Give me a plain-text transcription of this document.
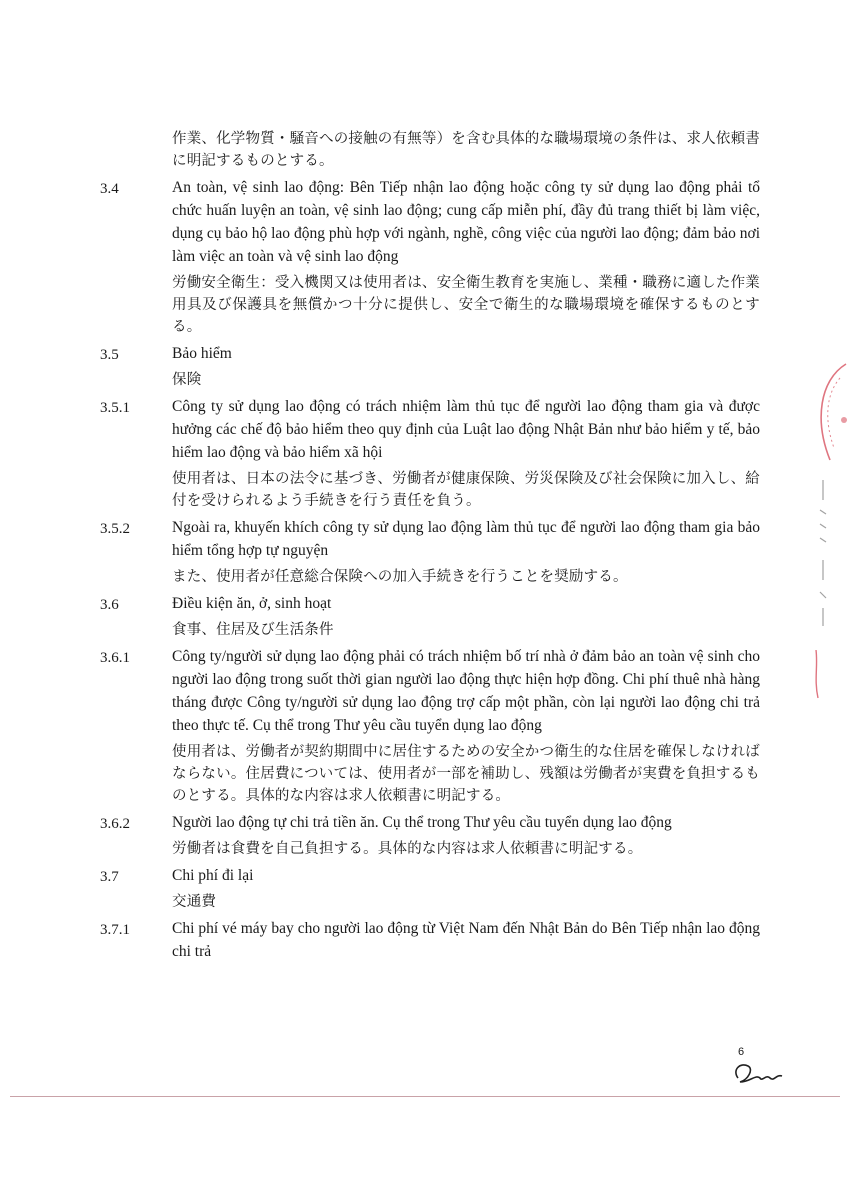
作業、化学物質・騒音への接触の有無等）を含む具体的な職場環境の条件は、求人依頼書に明記するものとする。

3.4	An toàn, vệ sinh lao động: Bên Tiếp nhận lao động hoặc công ty sử dụng lao động phải tổ chức huấn luyện an toàn, vệ sinh lao động; cung cấp miễn phí, đầy đủ trang thiết bị làm việc, dụng cụ bảo hộ lao động phù hợp với ngành, nghề, công việc của người lao động; đảm bảo nơi làm việc an toàn và vệ sinh lao động

労働安全衛生：受入機関又は使用者は、安全衛生教育を実施し、業種・職務に適した作業用具及び保護具を無償かつ十分に提供し、安全で衛生的な職場環境を確保するものとする。

3.5	Bảo hiểm

保険

3.5.1	Công ty sử dụng lao động có trách nhiệm làm thủ tục để người lao động tham gia và được hưởng các chế độ bảo hiểm theo quy định của Luật lao động Nhật Bản như bảo hiểm y tế, bảo hiểm lao động và bảo hiểm xã hội

使用者は、日本の法令に基づき、労働者が健康保険、労災保険及び社会保険に加入し、給付を受けられるよう手続きを行う責任を負う。

3.5.2	Ngoài ra, khuyến khích công ty sử dụng lao động làm thủ tục để người lao động tham gia bảo hiểm tổng hợp tự nguyện

また、使用者が任意総合保険への加入手続きを行うことを奨励する。

3.6	Điều kiện ăn, ở, sinh hoạt

食事、住居及び生活条件

3.6.1	Công ty/người sử dụng lao động phải có trách nhiệm bố trí nhà ở đảm bảo an toàn vệ sinh cho người lao động trong suốt thời gian người lao động thực hiện hợp đồng. Chi phí thuê nhà hàng tháng được Công ty/người sử dụng lao động trợ cấp một phần, còn lại người lao động chi trả theo thực tế. Cụ thể trong Thư yêu cầu tuyển dụng lao động

使用者は、労働者が契約期間中に居住するための安全かつ衛生的な住居を確保しなければならない。住居費については、使用者が一部を補助し、残額は労働者が実費を負担するものとする。具体的な内容は求人依頼書に明記する。

3.6.2	Người lao động tự chi trả tiền ăn. Cụ thể trong Thư yêu cầu tuyển dụng lao động

労働者は食費を自己負担する。具体的な内容は求人依頼書に明記する。

3.7	Chi phí đi lại

交通費

3.7.1	Chi phí vé máy bay cho người lao động từ Việt Nam đến Nhật Bản do Bên Tiếp nhận lao động chi trả

6
